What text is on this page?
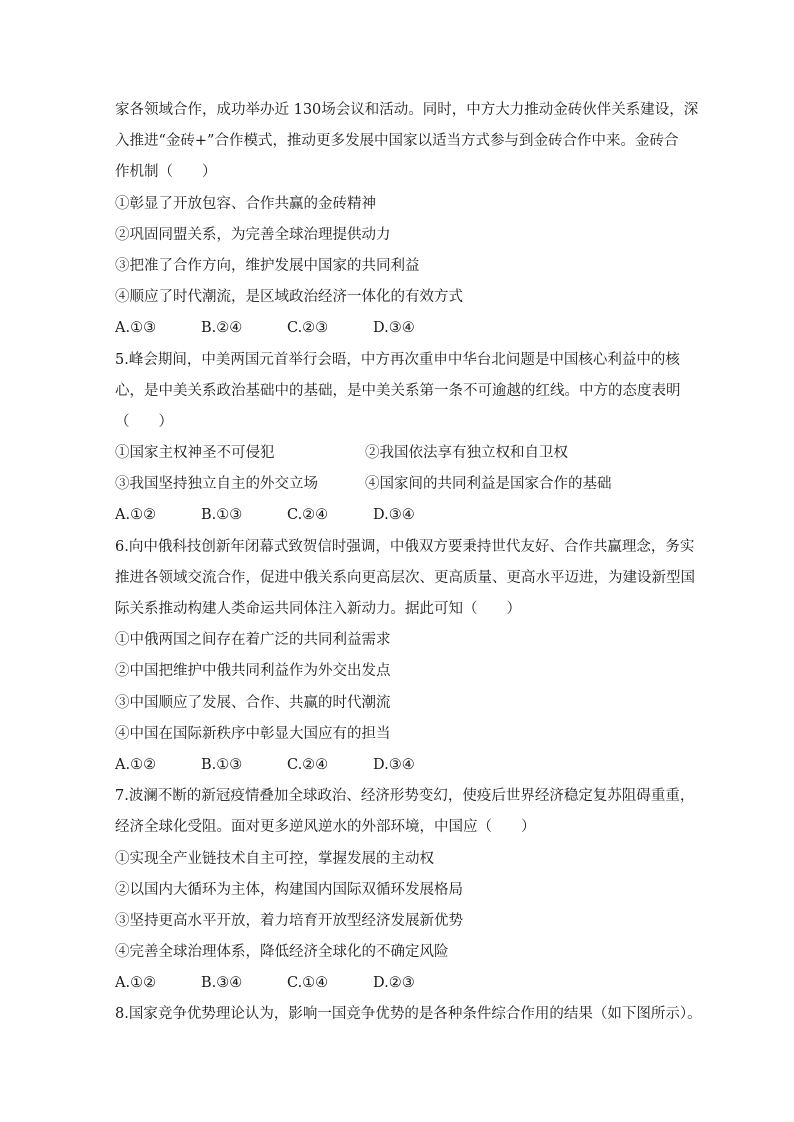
家各领域合作，成功举办近 130场会议和活动。同时，中方大力推动金砖伙伴关系建设，深
入推进“金砖+”合作模式，推动更多发展中国家以适当方式参与到金砖合作中来。金砖合
作机制（　　）
①彰显了开放包容、合作共赢的金砖精神
②巩固同盟关系，为完善全球治理提供动力
③把准了合作方向，维护发展中国家的共同利益
④顺应了时代潮流，是区域政治经济一体化的有效方式
A.①③	B.②④	C.②③	D.③④
5.峰会期间，中美两国元首举行会晤，中方再次重申中华台北问题是中国核心利益中的核
心，是中美关系政治基础中的基础，是中美关系第一条不可逾越的红线。中方的态度表明
（　　）
①国家主权神圣不可侵犯	②我国依法享有独立权和自卫权
③我国坚持独立自主的外交立场	④国家间的共同利益是国家合作的基础
A.①②	B.①③	C.②④	D.③④
6.向中俄科技创新年闭幕式致贺信时强调，中俄双方要秉持世代友好、合作共赢理念，务实
推进各领域交流合作，促进中俄关系向更高层次、更高质量、更高水平迈进，为建设新型国
际关系推动构建人类命运共同体注入新动力。据此可知（　　）
①中俄两国之间存在着广泛的共同利益需求
②中国把维护中俄共同利益作为外交出发点
③中国顺应了发展、合作、共赢的时代潮流
④中国在国际新秩序中彰显大国应有的担当
A.①②	B.①③	C.②④	D.③④
7.波澜不断的新冠疫情叠加全球政治、经济形势变幻，使疫后世界经济稳定复苏阻碍重重，
经济全球化受阻。面对更多逆风逆水的外部环境，中国应（　　）
①实现全产业链技术自主可控，掌握发展的主动权
②以国内大循环为主体，构建国内国际双循环发展格局
③坚持更高水平开放，着力培育开放型经济发展新优势
④完善全球治理体系，降低经济全球化的不确定风险
A.①②	B.③④	C.①④	D.②③
8.国家竞争优势理论认为，影响一国竞争优势的是各种条件综合作用的结果（如下图所示）。
